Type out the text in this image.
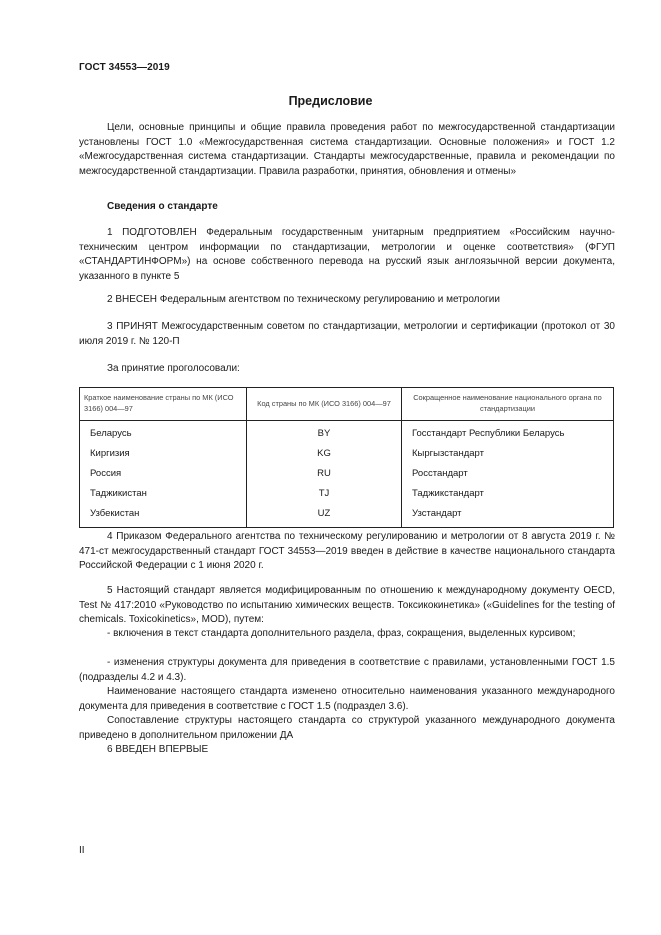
ГОСТ 34553—2019
Предисловие

Цели, основные принципы и общие правила проведения работ по межгосударственной стандартизации установлены ГОСТ 1.0 «Межгосударственная система стандартизации. Основные положения» и ГОСТ 1.2 «Межгосударственная система стандартизации. Стандарты межгосударственные, правила и рекомендации по межгосударственной стандартизации. Правила разработки, принятия, обновления и отмены»

Сведения о стандарте

1 ПОДГОТОВЛЕН Федеральным государственным унитарным предприятием «Российским научно-техническим центром информации по стандартизации, метрологии и оценке соответствия» (ФГУП «СТАНДАРТИНФОРМ») на основе собственного перевода на русский язык англоязычной версии документа, указанного в пункте 5

2 ВНЕСЕН Федеральным агентством по техническому регулированию и метрологии

3 ПРИНЯТ Межгосударственным советом по стандартизации, метрологии и сертификации (протокол от 30 июля 2019 г. № 120-П

За принятие проголосовали:

Краткое наименование страны по МК (ИСО 3166) 004—97	Код страны по МК (ИСО 3166) 004—97	Сокращенное наименование национального органа по стандартизации
Беларусь	BY	Госстандарт Республики Беларусь
Киргизия	KG	Кыргызстандарт
Россия	RU	Росстандарт
Таджикистан	TJ	Таджикстандарт
Узбекистан	UZ	Узстандарт

4 Приказом Федерального агентства по техническому регулированию и метрологии от 8 августа 2019 г. № 471-ст межгосударственный стандарт ГОСТ 34553—2019 введен в действие в качестве национального стандарта Российской Федерации с 1 июня 2020 г.

5 Настоящий стандарт является модифицированным по отношению к международному документу OECD, Test № 417:2010 «Руководство по испытанию химических веществ. Токсикокинетика» («Guidelines for the testing of chemicals. Toxicokinetics», MOD), путем:

- включения в текст стандарта дополнительного раздела, фраз, сокращения, выделенных курсивом;

- изменения структуры документа для приведения в соответствие с правилами, установленными ГОСТ 1.5 (подразделы 4.2 и 4.3).

Наименование настоящего стандарта изменено относительно наименования указанного международного документа для приведения в соответствие с ГОСТ 1.5 (подраздел 3.6).

Сопоставление структуры настоящего стандарта со структурой указанного международного документа приведено в дополнительном приложении ДА

6 ВВЕДЕН ВПЕРВЫЕ

II
